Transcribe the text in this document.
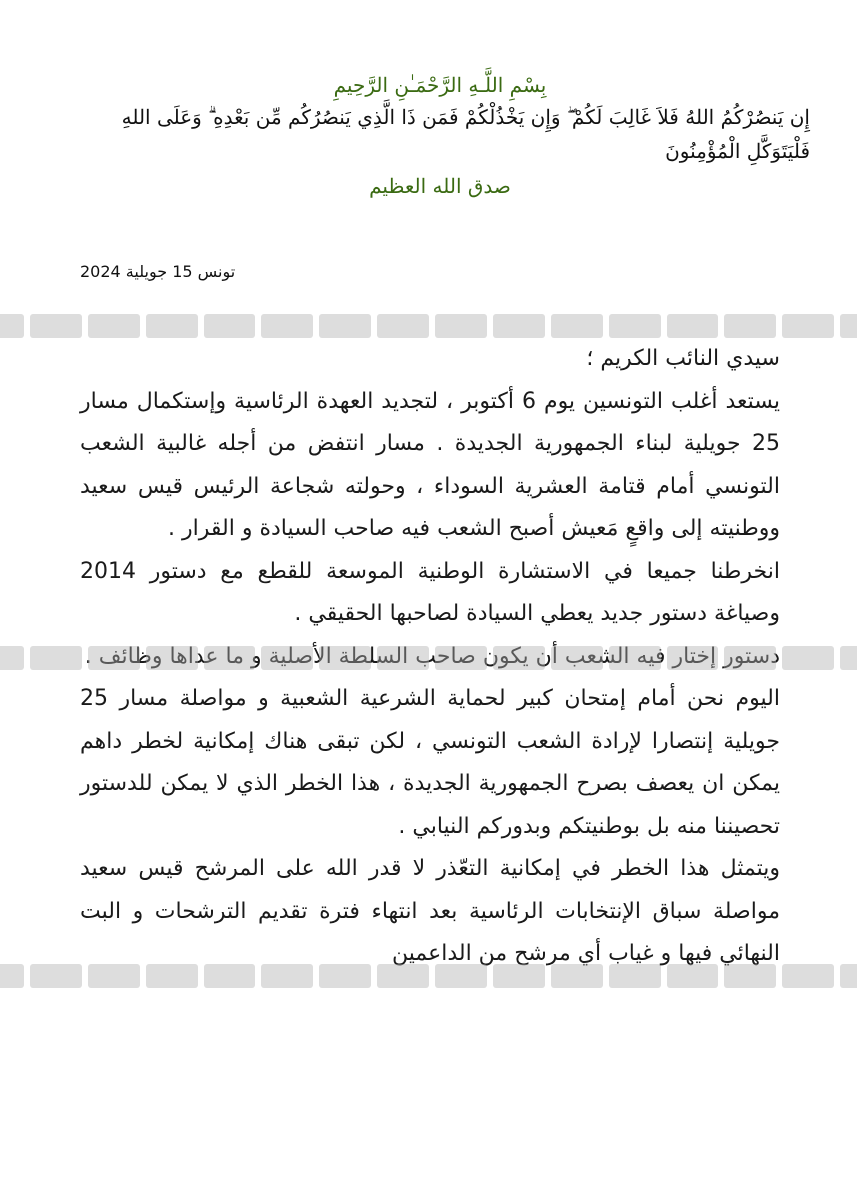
بِسْمِ اللَّـهِ الرَّحْمَـٰنِ الرَّحِيمِ
إِن يَنصُرْكُمُ اللهُ فَلاَ غَالِبَ لَكُمْ ۖ وَإِن يَخْذُلْكُمْ فَمَن ذَا الَّذِي يَنصُرُكُم مِّن بَعْدِهِ ۗ وَعَلَى اللهِ فَلْيَتَوَكَّلِ الْمُؤْمِنُونَ
صدق الله العظيم
تونس 15 جويلية 2024

سيدي النائب الكريم ؛

يستعد أغلب التونسين يوم 6 أكتوبر ، لتجديد العهدة الرئاسية وإستكمال مسار 25 جويلية لبناء الجمهورية الجديدة . مسار انتفض من أجله غالبية الشعب التونسي أمام قتامة العشرية السوداء ، وحولته شجاعة الرئيس قيس سعيد ووطنيته إلى واقعٍ مَعيش أصبح الشعب فيه صاحب السيادة و القرار .

انخرطنا جميعا في الاستشارة الوطنية الموسعة للقطع مع دستور 2014 وصياغة دستور جديد يعطي السيادة لصاحبها الحقيقي .

دستور إختار فيه الشعب أن يكون صاحب السلطة الأصلية و ما عداها وظائف .

اليوم نحن أمام إمتحان كبير لحماية الشرعية الشعبية و مواصلة مسار 25 جويلية إنتصارا لإرادة الشعب التونسي ، لكن تبقى هناك إمكانية لخطر داهم يمكن ان يعصف بصرح الجمهورية الجديدة ، هذا الخطر الذي لا يمكن للدستور تحصيننا منه بل بوطنيتكم وبدوركم النيابي .

ويتمثل هذا الخطر في إمكانية التعّذر لا قدر الله على المرشح قيس سعيد مواصلة سباق الإنتخابات الرئاسية بعد انتهاء فترة تقديم الترشحات و البت النهائي فيها و غياب أي مرشح من الداعمين
